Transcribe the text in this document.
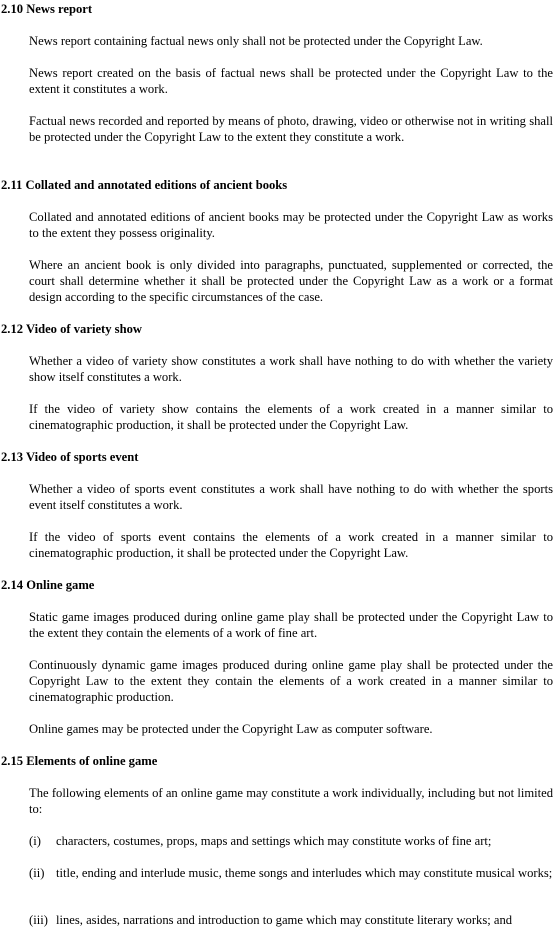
2.10 News report

News report containing factual news only shall not be protected under the Copyright Law.

News report created on the basis of factual news shall be protected under the Copyright Law to the extent it constitutes a work.

Factual news recorded and reported by means of photo, drawing, video or otherwise not in writing shall be protected under the Copyright Law to the extent they constitute a work.

2.11 Collated and annotated editions of ancient books

Collated and annotated editions of ancient books may be protected under the Copyright Law as works to the extent they possess originality.

Where an ancient book is only divided into paragraphs, punctuated, supplemented or corrected, the court shall determine whether it shall be protected under the Copyright Law as a work or a format design according to the specific circumstances of the case.

2.12 Video of variety show

Whether a video of variety show constitutes a work shall have nothing to do with whether the variety show itself constitutes a work.

If the video of variety show contains the elements of a work created in a manner similar to cinematographic production, it shall be protected under the Copyright Law.

2.13 Video of sports event

Whether a video of sports event constitutes a work shall have nothing to do with whether the sports event itself constitutes a work.

If the video of sports event contains the elements of a work created in a manner similar to cinematographic production, it shall be protected under the Copyright Law.

2.14 Online game

Static game images produced during online game play shall be protected under the Copyright Law to the extent they contain the elements of a work of fine art.

Continuously dynamic game images produced during online game play shall be protected under the Copyright Law to the extent they contain the elements of a work created in a manner similar to cinematographic production.

Online games may be protected under the Copyright Law as computer software.

2.15 Elements of online game

The following elements of an online game may constitute a work individually, including but not limited to:

(i) characters, costumes, props, maps and settings which may constitute works of fine art;
(ii) title, ending and interlude music, theme songs and interludes which may constitute musical works;
(iii) lines, asides, narrations and introduction to game which may constitute literary works; and
